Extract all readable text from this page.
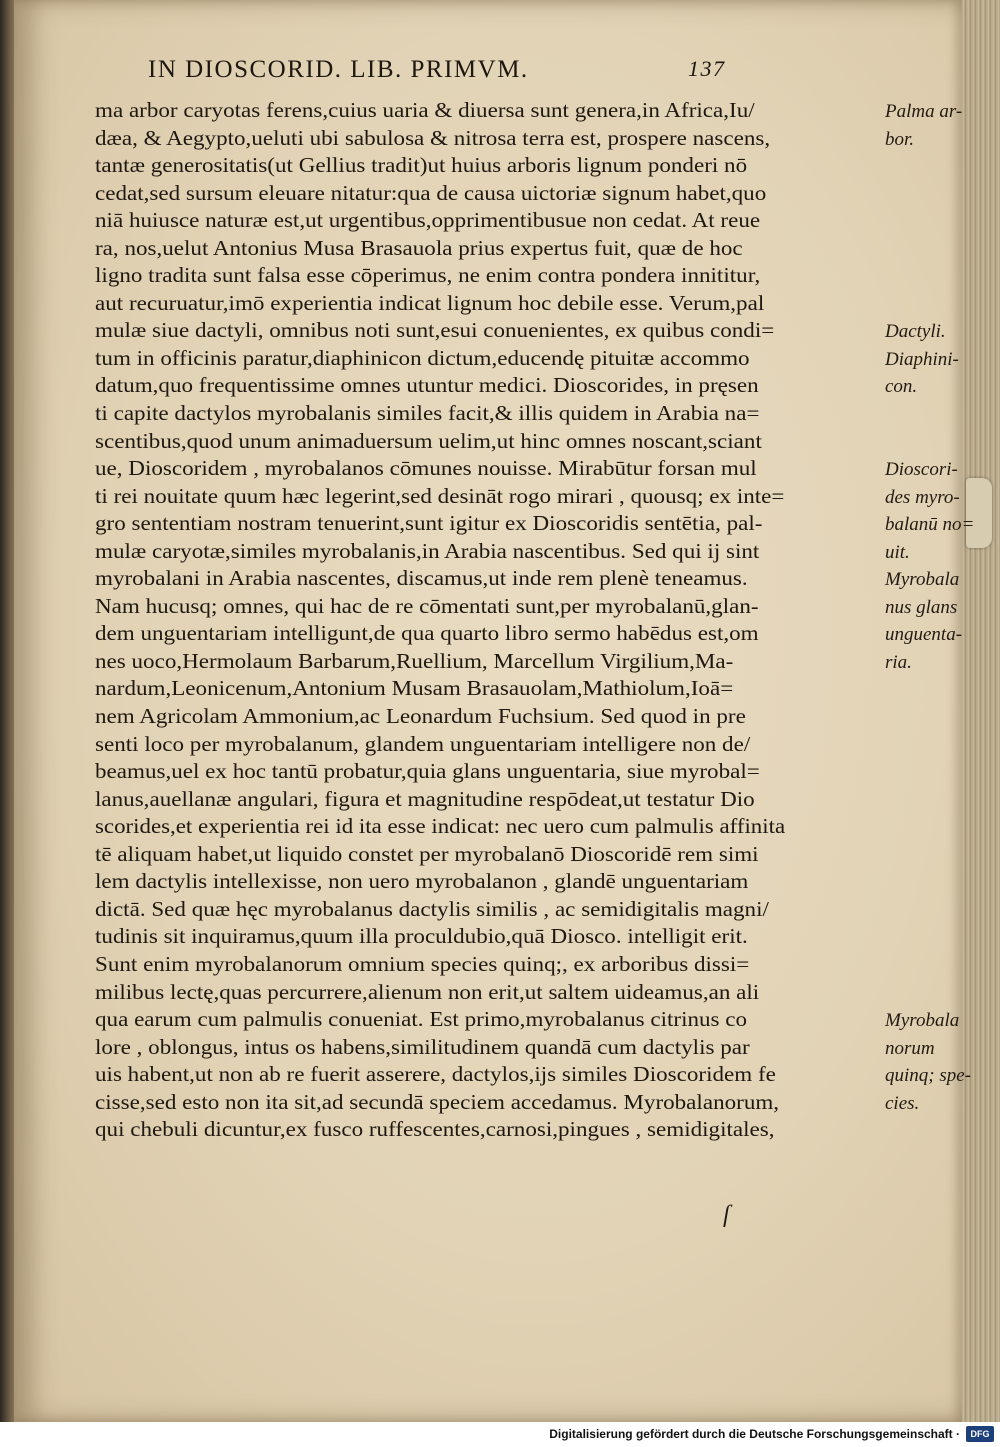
IN DIOSCORID. LIB. PRIMVM.	137
ma arbor caryotas ferens,cuius uaria & diuersa sunt genera,in Africa,Iu/
dæa, & Aegypto,ueluti ubi sabulosa & nitrosa terra est, prospere nascens,
tantæ generositatis(ut Gellius tradit)ut huius arboris lignum ponderi nō
cedat,sed sursum eleuare nitatur:qua de causa uictoriæ signum habet,quo
niā huiusce naturæ est,ut urgentibus,opprimentibusue non cedat. At reue
ra, nos,uelut Antonius Musa Brasauola prius expertus fuit, quæ de hoc
ligno tradita sunt falsa esse cōperimus, ne enim contra pondera innititur,
aut recuruatur,imō experientia indicat lignum hoc debile esse. Verum,pal
mulæ siue dactyli, omnibus noti sunt,esui conuenientes, ex quibus condi=
tum in officinis paratur,diaphinicon dictum,educendę pituitæ accommo
datum,quo frequentissime omnes utuntur medici. Dioscorides, in pręsen
ti capite dactylos myrobalanis similes facit,& illis quidem in Arabia na=
scentibus,quod unum animaduersum uelim,ut hinc omnes noscant,sciant
ue, Dioscoridem , myrobalanos cōmunes nouisse. Mirabūtur forsan mul
ti rei nouitate quum hæc legerint,sed desināt rogo mirari , quousq; ex inte=
gro sententiam nostram tenuerint,sunt igitur ex Dioscoridis sentētia, pal-
mulæ caryotæ,similes myrobalanis,in Arabia nascentibus. Sed qui ij sint
myrobalani in Arabia nascentes, discamus,ut inde rem plenè teneamus.
Nam hucusq; omnes, qui hac de re cōmentati sunt,per myrobalanū,glan-
dem unguentariam intelligunt,de qua quarto libro sermo habēdus est,om
nes uoco,Hermolaum Barbarum,Ruellium, Marcellum Virgilium,Ma-
nardum,Leonicenum,Antonium Musam Brasauolam,Mathiolum,Ioā=
nem Agricolam Ammonium,ac Leonardum Fuchsium. Sed quod in pre
senti loco per myrobalanum, glandem unguentariam intelligere non de/
beamus,uel ex hoc tantū probatur,quia glans unguentaria, siue myrobal=
lanus,auellanæ angulari, figura et magnitudine respōdeat,ut testatur Dio
scorides,et experientia rei id ita esse indicat: nec uero cum palmulis affinita
tē aliquam habet,ut liquido constet per myrobalanō Dioscoridē rem simi
lem dactylis intellexisse, non uero myrobalanon , glandē unguentariam
dictā. Sed quæ hęc myrobalanus dactylis similis , ac semidigitalis magni/
tudinis sit inquiramus,quum illa proculdubio,quā Diosco. intelligit erit.
Sunt enim myrobalanorum omnium species quinq;, ex arboribus dissi=
milibus lectę,quas percurrere,alienum non erit,ut saltem uideamus,an ali
qua earum cum palmulis conueniat. Est primo,myrobalanus citrinus co
lore , oblongus, intus os habens,similitudinem quandā cum dactylis par
uis habent,ut non ab re fuerit asserere, dactylos,ijs similes Dioscoridem fe
cisse,sed esto non ita sit,ad secundā speciem accedamus. Myrobalanorum,
qui chebuli dicuntur,ex fusco ruffescentes,carnosi,pingues , semidigitales,
Palma ar-
bor.
Dactyli.
Diaphini-
con.
Dioscori-
des myro-
balanū no=
uit.
Myrobala
nus glans
unguenta-
ria.
Myrobala
norum
quinq; spe-
cies.
ſ
Digitalisierung gefördert durch die Deutsche Forschungsgemeinschaft ·	DFG
